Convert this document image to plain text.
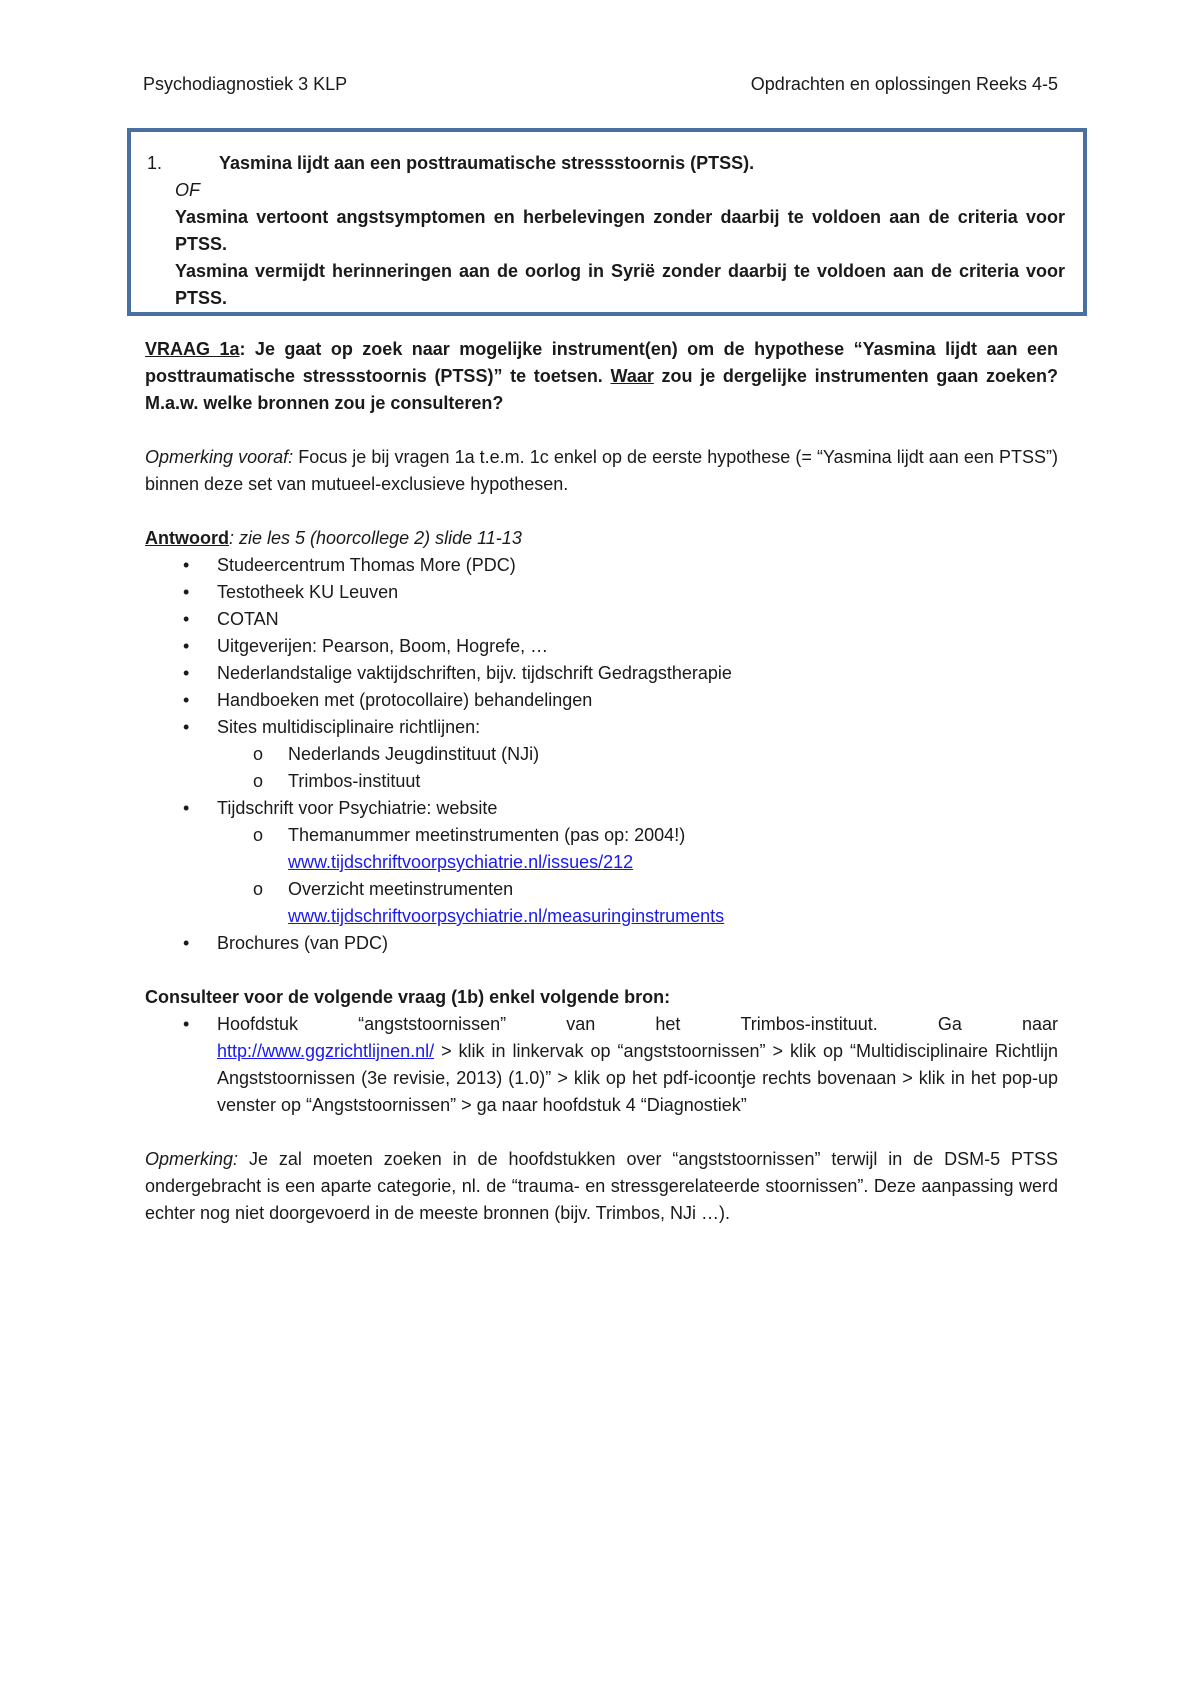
Psychodiagnostiek 3 KLP	Opdrachten en oplossingen Reeks 4-5
1.	Yasmina lijdt aan een posttraumatische stressstoornis (PTSS).
OF
Yasmina vertoont angstsymptomen en herbelevingen zonder daarbij te voldoen aan de criteria voor PTSS.
Yasmina vermijdt herinneringen aan de oorlog in Syrië zonder daarbij te voldoen aan de criteria voor PTSS.

VRAAG 1a: Je gaat op zoek naar mogelijke instrument(en) om de hypothese “Yasmina lijdt aan een posttraumatische stressstoornis (PTSS)” te toetsen. Waar zou je dergelijke instrumenten gaan zoeken? M.a.w. welke bronnen zou je consulteren?

Opmerking vooraf: Focus je bij vragen 1a t.e.m. 1c enkel op de eerste hypothese (= “Yasmina lijdt aan een PTSS”) binnen deze set van mutueel-exclusieve hypothesen.

Antwoord: zie les 5 (hoorcollege 2) slide 11-13
• Studeercentrum Thomas More (PDC)
• Testotheek KU Leuven
• COTAN
• Uitgeverijen: Pearson, Boom, Hogrefe, …
• Nederlandstalige vaktijdschriften, bijv. tijdschrift Gedragstherapie
• Handboeken met (protocollaire) behandelingen
• Sites multidisciplinaire richtlijnen:
o Nederlands Jeugdinstituut (NJi)
o Trimbos-instituut
• Tijdschrift voor Psychiatrie: website
o Themanummer meetinstrumenten (pas op: 2004!)
www.tijdschriftvoorpsychiatrie.nl/issues/212
o Overzicht meetinstrumenten
www.tijdschriftvoorpsychiatrie.nl/measuringinstruments
• Brochures (van PDC)
Consulteer voor de volgende vraag (1b) enkel volgende bron:
• Hoofdstuk	“angststoornissen”	van	het	Trimbos-instituut.	Ga	naar
http://www.ggzrichtlijnen.nl/ > klik in linkervak op “angststoornissen” > klik op “Multidisciplinaire Richtlijn Angststoornissen (3e revisie, 2013) (1.0)” > klik op het pdf-icoontje rechts bovenaan > klik in het pop-up venster op “Angststoornissen” > ga naar hoofdstuk 4 “Diagnostiek”

Opmerking: Je zal moeten zoeken in de hoofdstukken over “angststoornissen” terwijl in de DSM-5 PTSS ondergebracht is een aparte categorie, nl. de “trauma- en stressgerelateerde stoornissen”. Deze aanpassing werd echter nog niet doorgevoerd in de meeste bronnen (bijv. Trimbos, NJi …).
